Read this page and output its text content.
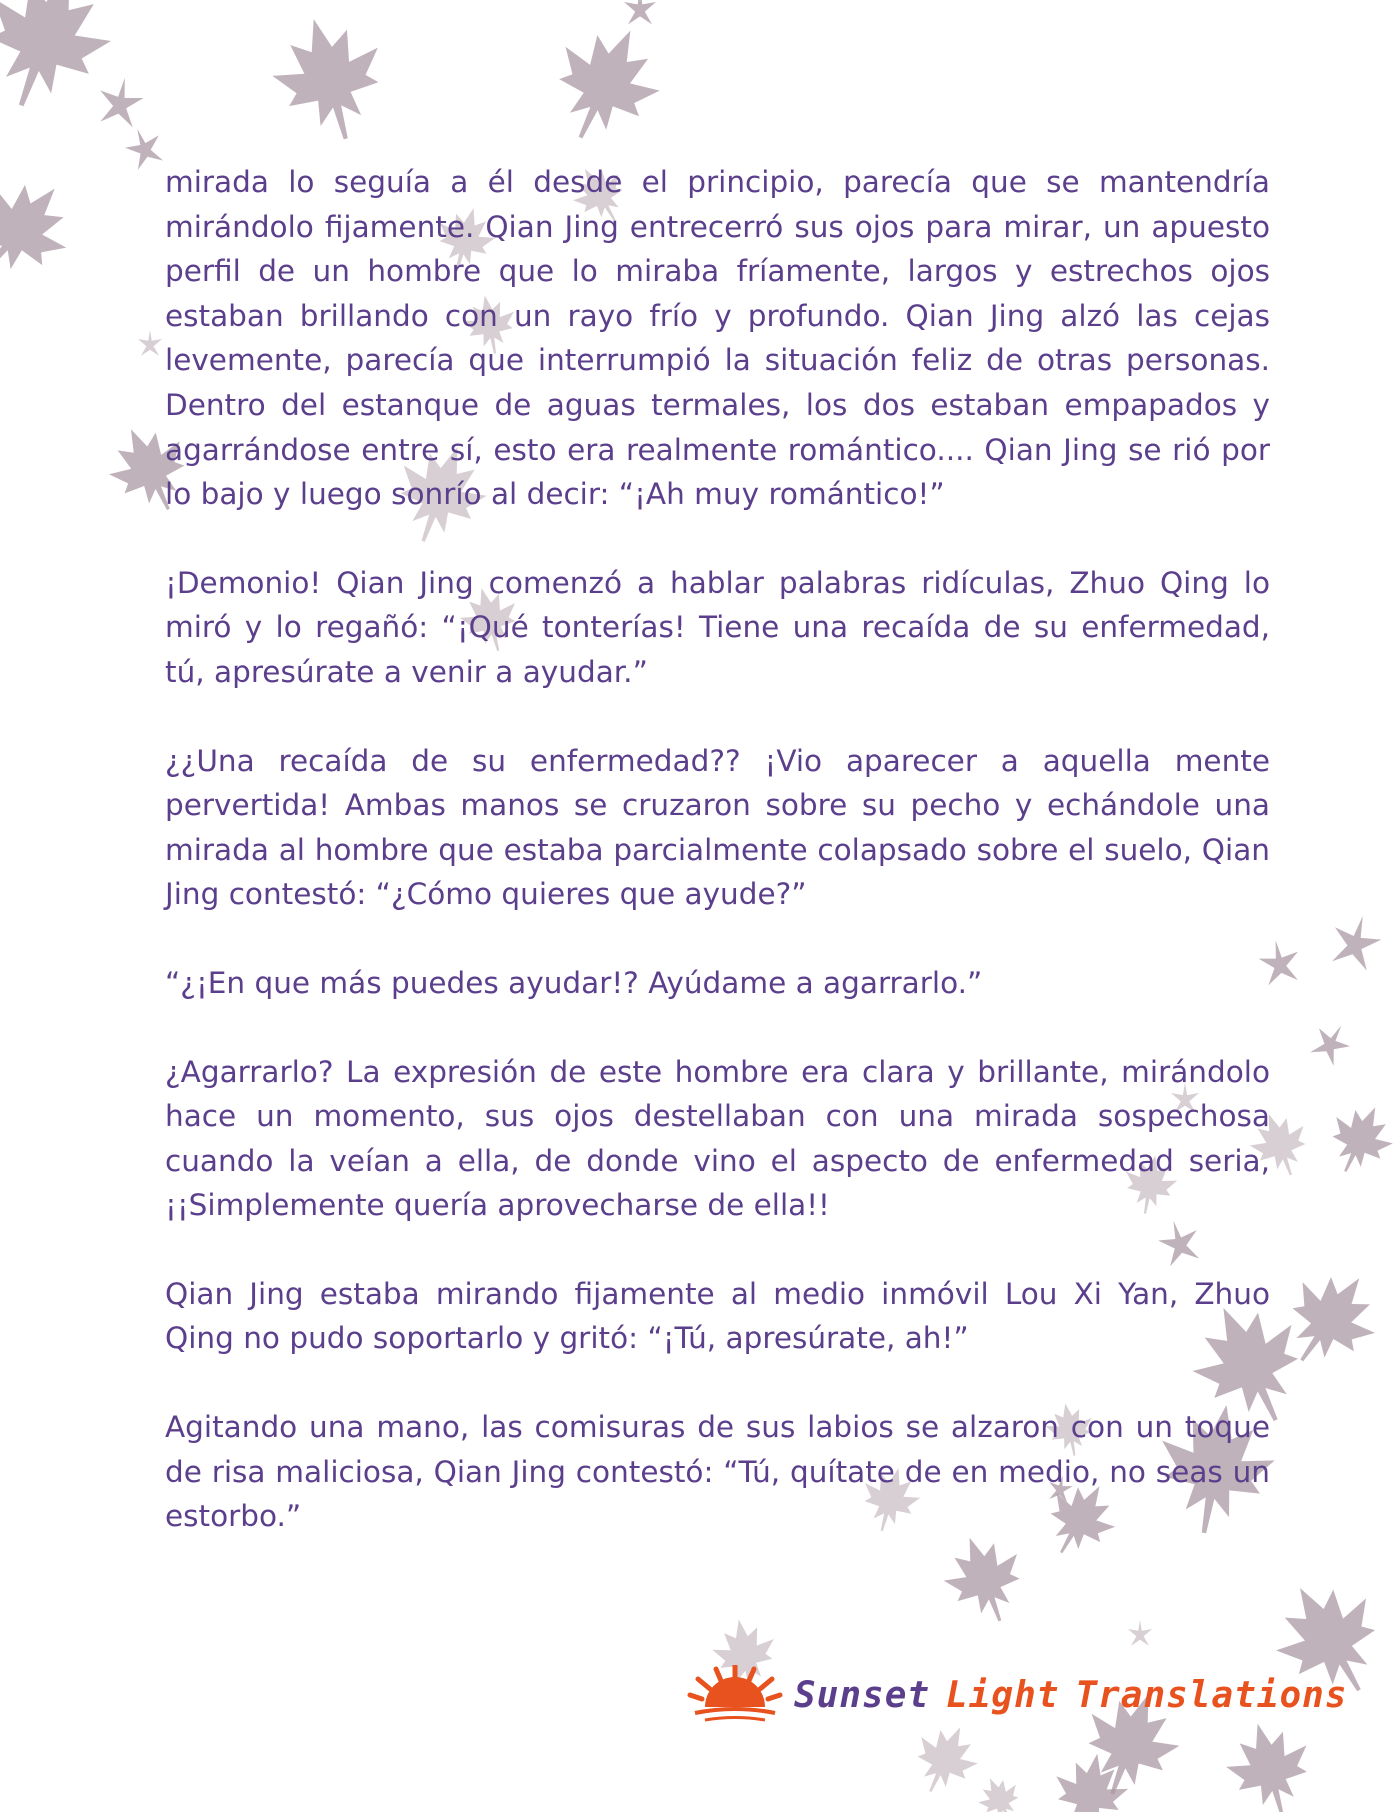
mirada lo seguía a él desde el principio, parecía que se mantendría mirándolo fijamente. Qian Jing entrecerró sus ojos para mirar, un apuesto perfil de un hombre que lo miraba fríamente, largos y estrechos ojos estaban brillando con un rayo frío y profundo. Qian Jing alzó las cejas levemente, parecía que interrumpió la situación feliz de otras personas. Dentro del estanque de aguas termales, los dos estaban empapados y agarrándose entre sí, esto era realmente romántico.... Qian Jing se rió por lo bajo y luego sonrío al decir: “¡Ah muy romántico!”

¡Demonio! Qian Jing comenzó a hablar palabras ridículas, Zhuo Qing lo miró y lo regañó: “¡Qué tonterías! Tiene una recaída de su enfermedad, tú, apresúrate a venir a ayudar.”

¿¿Una recaída de su enfermedad?? ¡Vio aparecer a aquella mente pervertida! Ambas manos se cruzaron sobre su pecho y echándole una mirada al hombre que estaba parcialmente colapsado sobre el suelo, Qian Jing contestó: “¿Cómo quieres que ayude?”

“¿¡En que más puedes ayudar!? Ayúdame a agarrarlo.”

¿Agarrarlo? La expresión de este hombre era clara y brillante, mirándolo hace un momento, sus ojos destellaban con una mirada sospechosa cuando la veían a ella, de donde vino el aspecto de enfermedad seria, ¡¡Simplemente quería aprovecharse de ella!!

Qian Jing estaba mirando fijamente al medio inmóvil Lou Xi Yan, Zhuo Qing no pudo soportarlo y gritó: “¡Tú, apresúrate, ah!”

Agitando una mano, las comisuras de sus labios se alzaron con un toque de risa maliciosa, Qian Jing contestó: “Tú, quítate de en medio, no seas un estorbo.”

Sunset Light Translations
